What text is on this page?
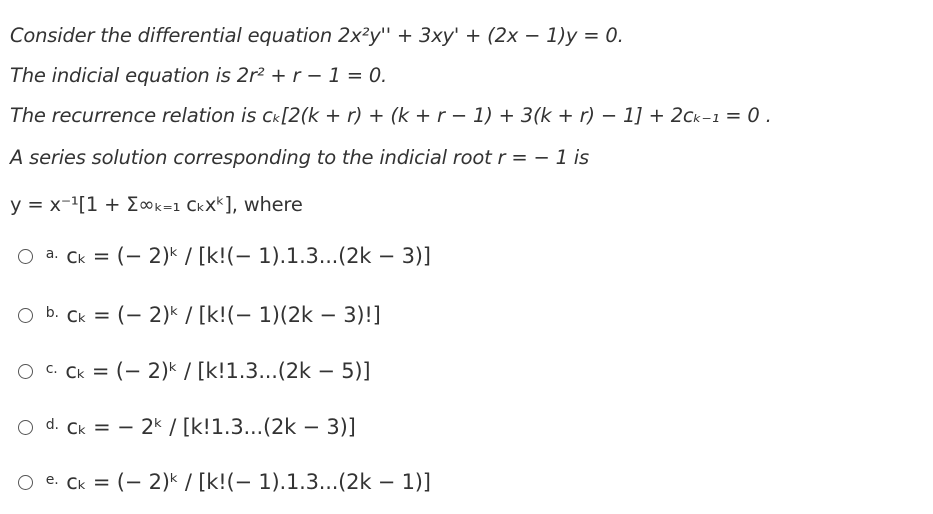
Consider the differential equation 2x²y'' + 3xy' + (2x − 1)y = 0.
The indicial equation is 2r² + r − 1 = 0.
The recurrence relation is cₖ[2(k + r) + (k + r − 1) + 3(k + r) − 1] + 2cₖ₋₁ = 0 .
A series solution corresponding to the indicial root r = − 1 is
y = x⁻¹[1 + Σ∞ₖ₌₁ cₖxᵏ], where
$^{a.}$ cₖ = (− 2)ᵏ / [k!(− 1).1.3...(2k − 3)]
$^{b.}$ cₖ = (− 2)ᵏ / [k!(− 1)(2k − 3)!]
$^{c.}$ cₖ = (− 2)ᵏ / [k!1.3...(2k − 5)]
$^{d.}$ cₖ = − 2ᵏ / [k!1.3...(2k − 3)]
$^{e.}$ cₖ = (− 2)ᵏ / [k!(− 1).1.3...(2k − 1)]
